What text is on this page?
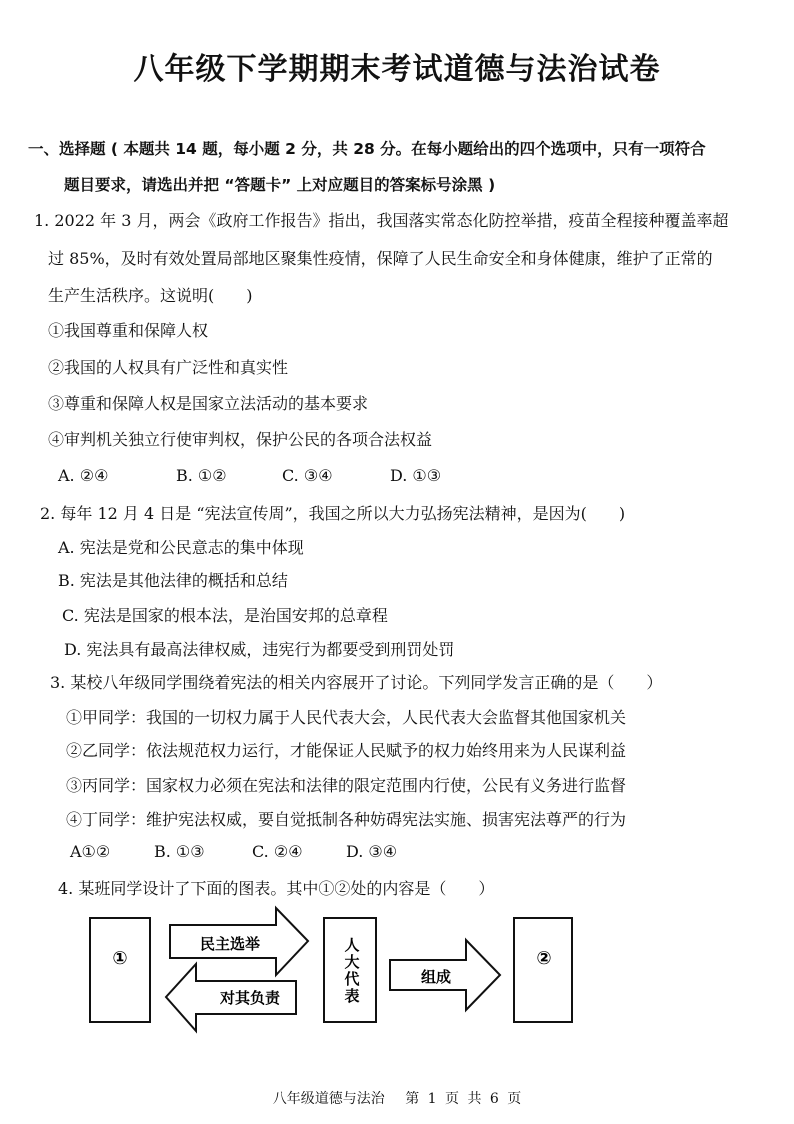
八年级下学期期末考试道德与法治试卷
一、选择题 ( 本题共 14 题，每小题 2 分，共 28 分。在每小题给出的四个选项中，只有一项符合
题目要求，请选出并把 “答题卡” 上对应题目的答案标号涂黑 )
1. 2022 年 3 月，两会《政府工作报告》指出，我国落实常态化防控举措，疫苗全程接种覆盖率超
过 85%，及时有效处置局部地区聚集性疫情，保障了人民生命安全和身体健康，维护了正常的
生产生活秩序。这说明(　　)
①我国尊重和保障人权
②我国的人权具有广泛性和真实性
③尊重和保障人权是国家立法活动的基本要求
④审判机关独立行使审判权，保护公民的各项合法权益
A. ②④	B. ①②	C. ③④	D. ①③
2. 每年 12 月 4 日是 “宪法宣传周”，我国之所以大力弘扬宪法精神，是因为(　　)
A. 宪法是党和公民意志的集中体现
B. 宪法是其他法律的概括和总结
C. 宪法是国家的根本法，是治国安邦的总章程
D. 宪法具有最高法律权威，违宪行为都要受到刑罚处罚
3. 某校八年级同学围绕着宪法的相关内容展开了讨论。下列同学发言正确的是（　　）
①甲同学：我国的一切权力属于人民代表大会，人民代表大会监督其他国家机关
②乙同学：依法规范权力运行，才能保证人民赋予的权力始终用来为人民谋利益
③丙同学：国家权力必须在宪法和法律的限定范围内行使，公民有义务进行监督
④丁同学：维护宪法权威，要自觉抵制各种妨碍宪法实施、损害宪法尊严的行为
A①②	B. ①③	C. ②④	D. ③④
4. 某班同学设计了下面的图表。其中①②处的内容是（　　）
①
民主选举
对其负责
人
大
代
表
组成
②
八年级道德与法治 第 1 页 共 6 页
